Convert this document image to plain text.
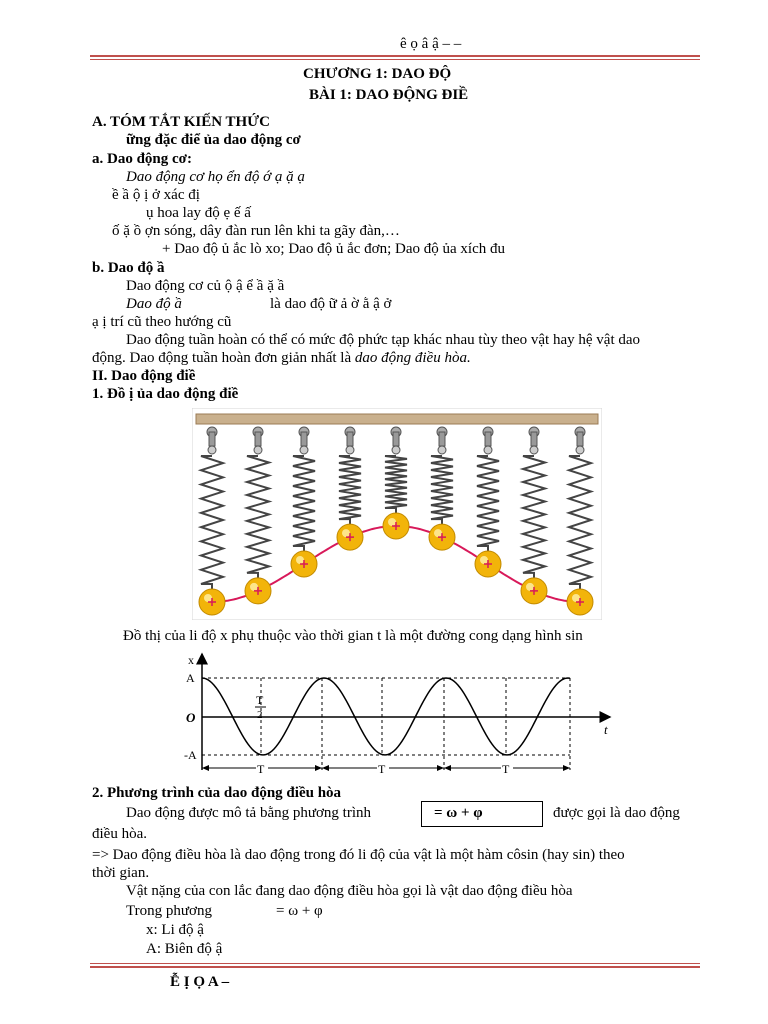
ê ọ â ậ – –
CHƯƠNG 1: DAO ĐỘ
BÀI 1: DAO ĐỘNG ĐIỀ
A. TÓM TẮT KIẾN THỨC
ững đặc điể ủa dao động cơ
a. Dao động cơ:
Dao động cơ họ ển độ ớ ạ ặ ạ
ề ầ ộ ị ở xác đị
ụ hoa lay độ ẹ ế ấ
ố ặ ồ ợn sóng, dây đàn run lên khi ta gãy đàn,…
+ Dao độ ủ ắc lò xo; Dao độ ủ ắc đơn; Dao độ ủa xích đu
b. Dao độ ầ
Dao động cơ củ ộ ậ ể ầ ặ ầ
Dao độ ầ	là dao độ ữ ả ờ ằ ậ ở
ạ ị trí cũ theo hướng cũ
Dao động tuần hoàn có thể có mức độ phức tạp khác nhau tùy theo vật hay hệ vật dao
động. Dao động tuần hoàn đơn giản nhất là dao động điều hòa.
II. Dao động điề
1. Đồ ị ủa dao động điề
Đồ thị của li độ x phụ thuộc vào thời gian t là một đường cong dạng hình sin
x
t
A
-A
O
T
2
T	T	T
2. Phương trình của dao động điều hòa
Dao động được mô tả bằng phương trình	= ω + φ	được gọi là dao động
điều hòa.
=> Dao động điều hòa là dao động trong đó li độ của vật là một hàm côsin (hay sin) theo
thời gian.
Vật nặng của con lắc đang dao động điều hòa gọi là vật dao động điều hòa
Trong phương	= ω + φ
x: Li độ ậ
A: Biên độ ậ
Ễ Ị Ọ A –
